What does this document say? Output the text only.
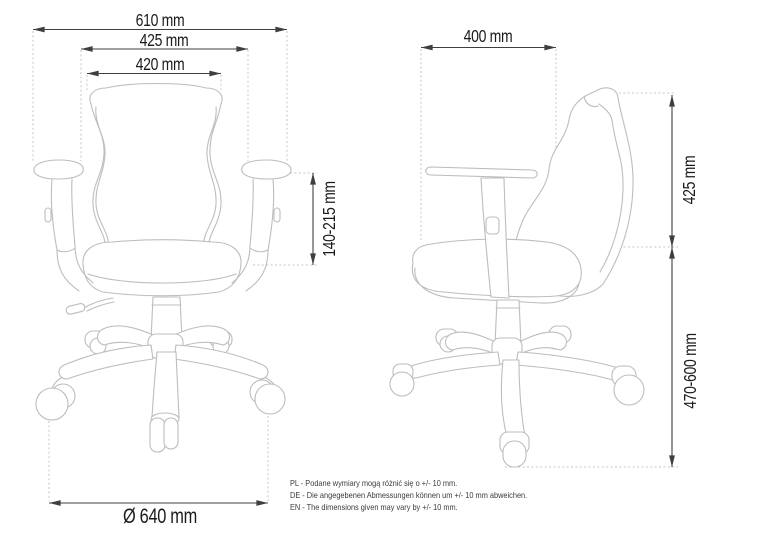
610 mm
425 mm
420 mm
140-215 mm
Ø 640 mm
400 mm
425 mm
470-600 mm
PL - Podane wymiary mogą różnić się o +/- 10 mm.
DE - Die angegebenen Abmessungen können um +/- 10 mm abweichen.
EN - The dimensions given may vary by +/- 10 mm.
